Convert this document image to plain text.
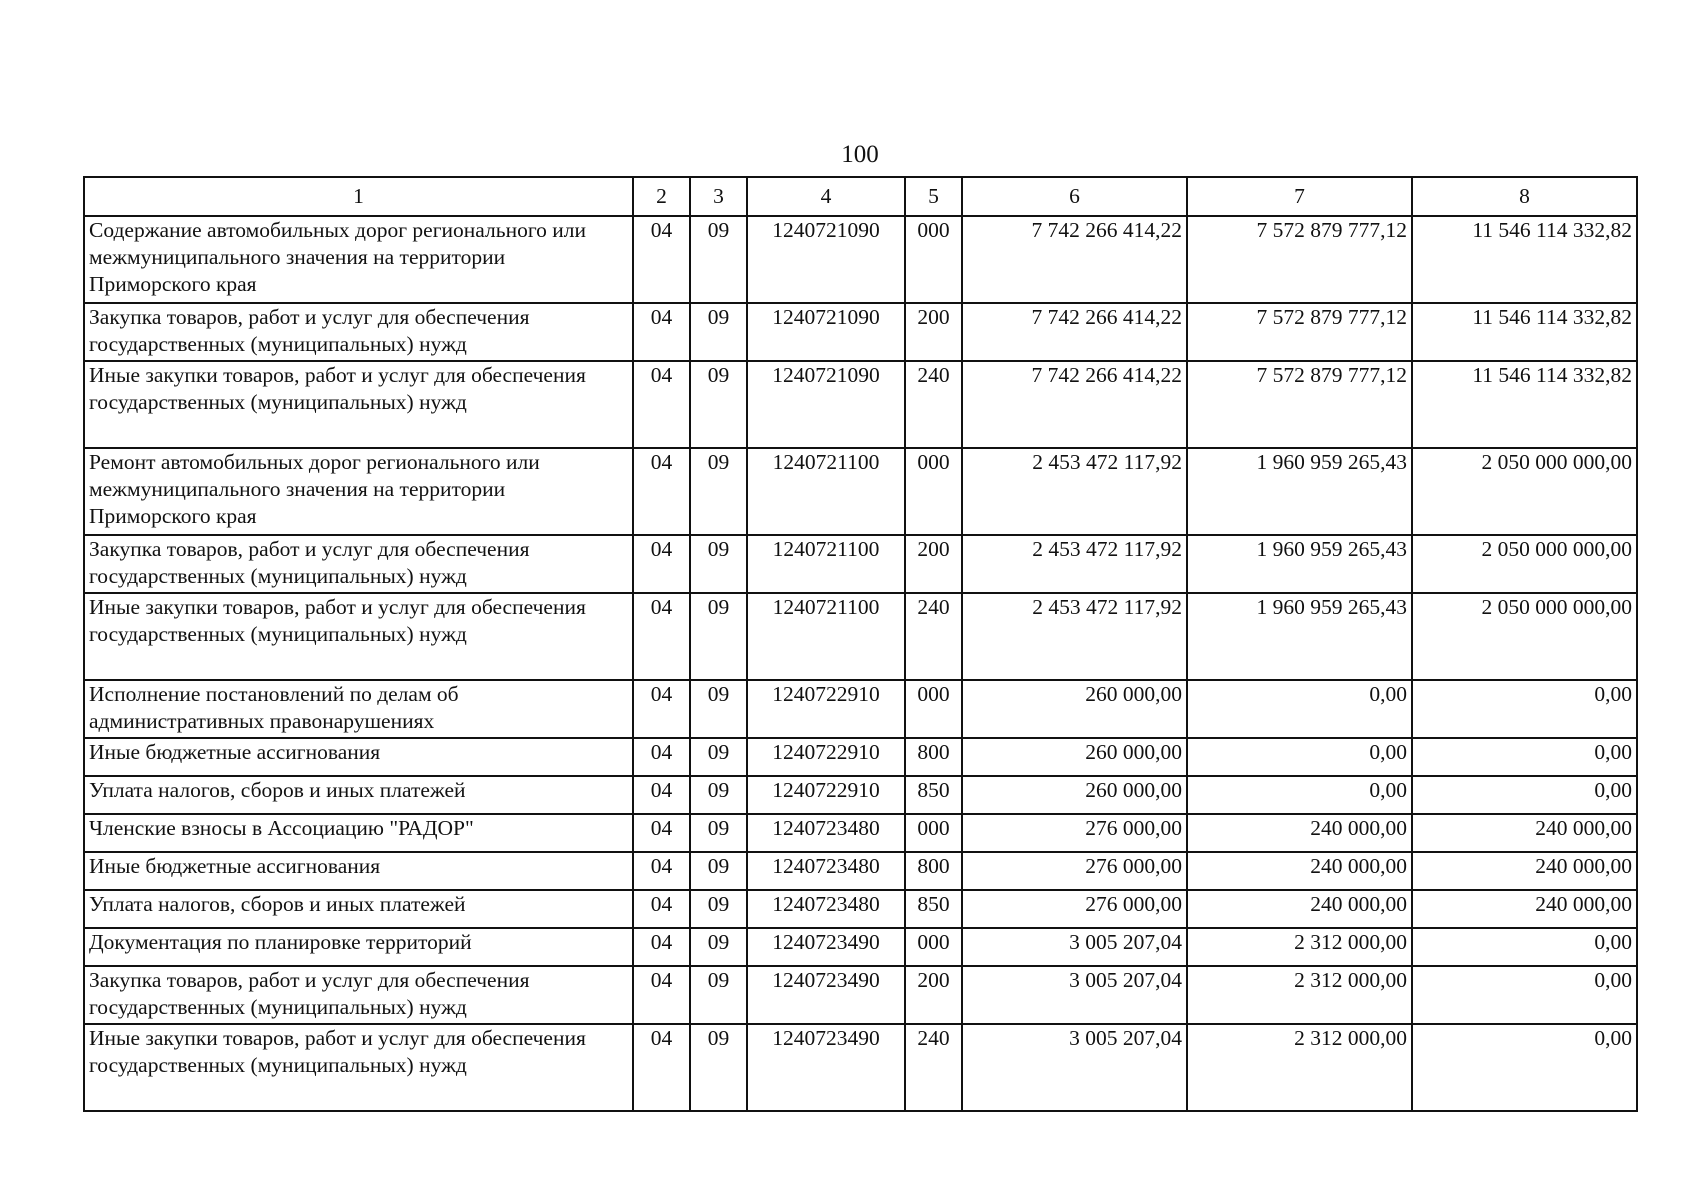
100
1	2	3	4	5	6	7	8
Содержание автомобильных дорог регионального или межмуниципального значения на территории Приморского края	04	09	1240721090	000	7 742 266 414,22	7 572 879 777,12	11 546 114 332,82
Закупка товаров, работ и услуг для обеспечения государственных (муниципальных) нужд	04	09	1240721090	200	7 742 266 414,22	7 572 879 777,12	11 546 114 332,82
Иные закупки товаров, работ и услуг для обеспечения государственных (муниципальных) нужд	04	09	1240721090	240	7 742 266 414,22	7 572 879 777,12	11 546 114 332,82
Ремонт автомобильных дорог регионального или межмуниципального значения на территории Приморского края	04	09	1240721100	000	2 453 472 117,92	1 960 959 265,43	2 050 000 000,00
Закупка товаров, работ и услуг для обеспечения государственных (муниципальных) нужд	04	09	1240721100	200	2 453 472 117,92	1 960 959 265,43	2 050 000 000,00
Иные закупки товаров, работ и услуг для обеспечения государственных (муниципальных) нужд	04	09	1240721100	240	2 453 472 117,92	1 960 959 265,43	2 050 000 000,00
Исполнение постановлений по делам об административных правонарушениях	04	09	1240722910	000	260 000,00	0,00	0,00
Иные бюджетные ассигнования	04	09	1240722910	800	260 000,00	0,00	0,00
Уплата налогов, сборов и иных платежей	04	09	1240722910	850	260 000,00	0,00	0,00
Членские взносы в Ассоциацию "РАДОР"	04	09	1240723480	000	276 000,00	240 000,00	240 000,00
Иные бюджетные ассигнования	04	09	1240723480	800	276 000,00	240 000,00	240 000,00
Уплата налогов, сборов и иных платежей	04	09	1240723480	850	276 000,00	240 000,00	240 000,00
Документация по планировке территорий	04	09	1240723490	000	3 005 207,04	2 312 000,00	0,00
Закупка товаров, работ и услуг для обеспечения государственных (муниципальных) нужд	04	09	1240723490	200	3 005 207,04	2 312 000,00	0,00
Иные закупки товаров, работ и услуг для обеспечения государственных (муниципальных) нужд	04	09	1240723490	240	3 005 207,04	2 312 000,00	0,00
